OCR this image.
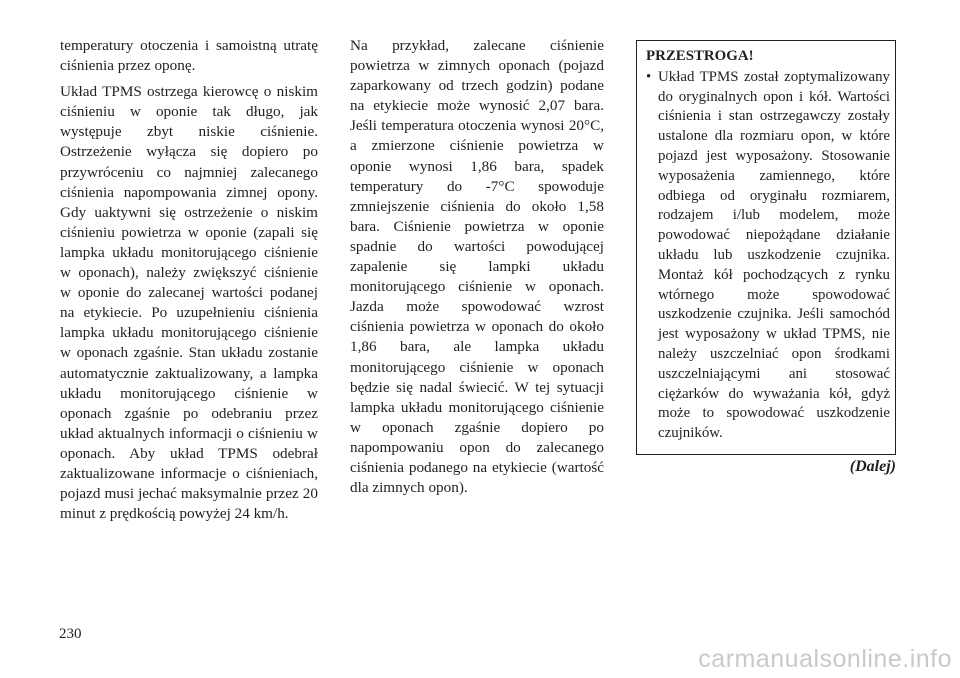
temperatury otoczenia i samoistną utratę ciśnienia przez oponę.

Układ TPMS ostrzega kierowcę o niskim ciśnieniu w oponie tak długo, jak występuje zbyt niskie ciśnienie. Ostrzeżenie wyłącza się dopiero po przywróceniu co najmniej zalecanego ciśnienia napompowania zimnej opony. Gdy uaktywni się ostrzeżenie o niskim ciśnieniu powietrza w oponie (zapali się lampka układu monitorującego ciśnienie w oponach), należy zwiększyć ciśnienie w oponie do zalecanej wartości podanej na etykiecie. Po uzupełnieniu ciśnienia lampka układu monitorującego ciśnienie w oponach zgaśnie. Stan układu zostanie automatycznie zaktualizowany, a lampka układu monitorującego ciśnienie w oponach zgaśnie po odebraniu przez układ aktualnych informacji o ciśnieniu w oponach. Aby układ TPMS odebrał zaktualizowane informacje o ciśnieniach, pojazd musi jechać maksymalnie przez 20 minut z prędkością powyżej 24 km/h.

Na przykład, zalecane ciśnienie powietrza w zimnych oponach (pojazd zaparkowany od trzech godzin) podane na etykiecie może wynosić 2,07 bara. Jeśli temperatura otoczenia wynosi 20°C, a zmierzone ciśnienie powietrza w oponie wynosi 1,86 bara, spadek temperatury do -7°C spowoduje zmniejszenie ciśnienia do około 1,58 bara. Ciśnienie powietrza w oponie spadnie do wartości powodującej zapalenie się lampki układu monitorującego ciśnienie w oponach. Jazda może spowodować wzrost ciśnienia powietrza w oponach do około 1,86 bara, ale lampka układu monitorującego ciśnienie w oponach będzie się nadal świecić. W tej sytuacji lampka układu monitorującego ciśnienie w oponach zgaśnie dopiero po napompowaniu opon do zalecanego ciśnienia podanego na etykiecie (wartość dla zimnych opon).

PRZESTROGA!
• Układ TPMS został zoptymalizowany do oryginalnych opon i kół. Wartości ciśnienia i stan ostrzegawczy zostały ustalone dla rozmiaru opon, w które pojazd jest wyposażony. Stosowanie wyposażenia zamiennego, które odbiega od oryginału rozmiarem, rodzajem i/lub modelem, może powodować niepożądane działanie układu lub uszkodzenie czujnika. Montaż kół pochodzących z rynku wtórnego może spowodować uszkodzenie czujnika. Jeśli samochód jest wyposażony w układ TPMS, nie należy uszczelniać opon środkami uszczelniającymi ani stosować ciężarków do wyważania kół, gdyż może to spowodować uszkodzenie czujników.
(Dalej)
230
carmanualsonline.info
